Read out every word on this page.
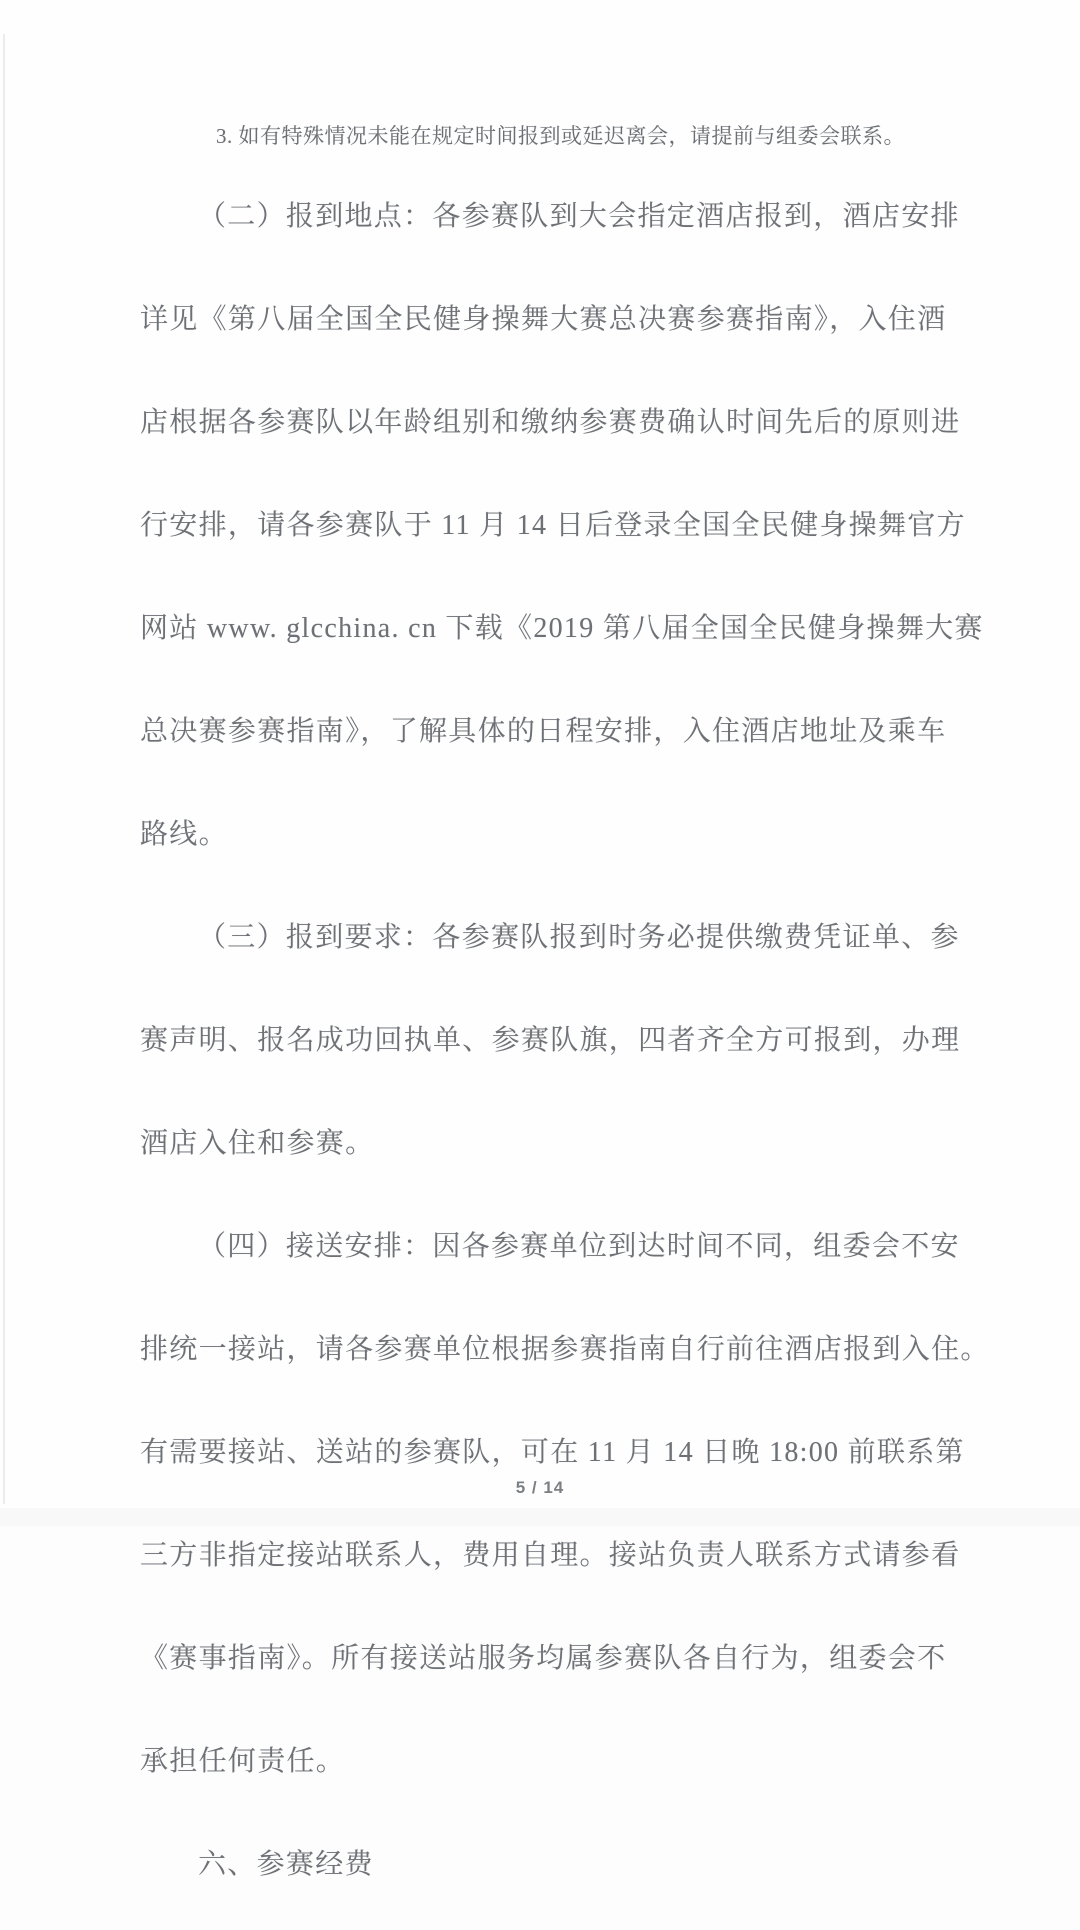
3. 如有特殊情况未能在规定时间报到或延迟离会，请提前与组委会联系。

（二）报到地点：各参赛队到大会指定酒店报到，酒店安排

详见《第八届全国全民健身操舞大赛总决赛参赛指南》，入住酒

店根据各参赛队以年龄组别和缴纳参赛费确认时间先后的原则进

行安排，请各参赛队于 11 月 14 日后登录全国全民健身操舞官方

网站 www. glcchina. cn 下载《2019 第八届全国全民健身操舞大赛

总决赛参赛指南》，了解具体的日程安排，入住酒店地址及乘车

路线。

（三）报到要求：各参赛队报到时务必提供缴费凭证单、参

赛声明、报名成功回执单、参赛队旗，四者齐全方可报到，办理

酒店入住和参赛。

（四）接送安排：因各参赛单位到达时间不同，组委会不安

排统一接站，请各参赛单位根据参赛指南自行前往酒店报到入住。

有需要接站、送站的参赛队，可在 11 月 14 日晚 18:00 前联系第

三方非指定接站联系人，费用自理。接站负责人联系方式请参看

《赛事指南》。所有接送站服务均属参赛队各自行为，组委会不

承担任何责任。

六、参赛经费

5 / 14
